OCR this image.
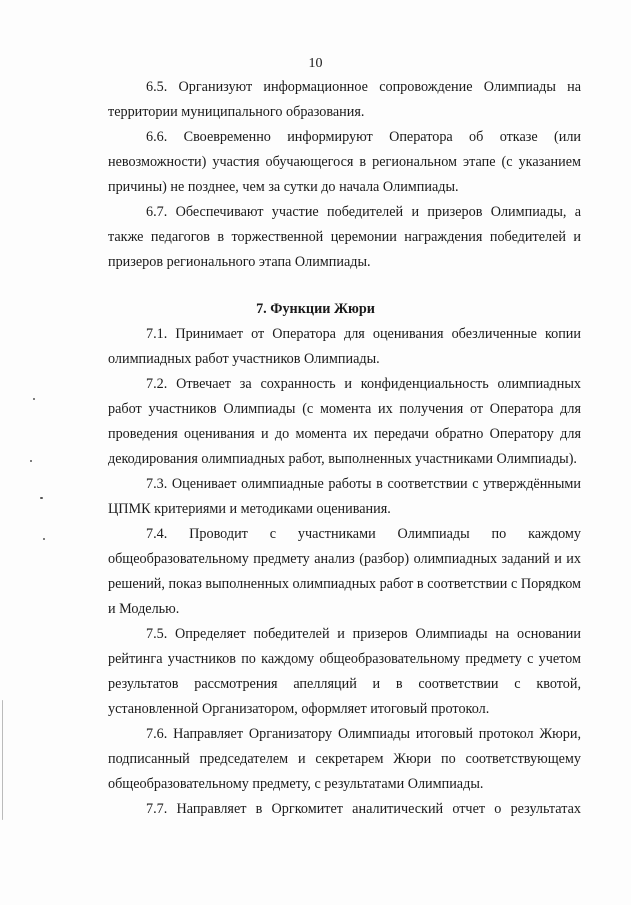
10
6.5. Организуют информационное сопровождение Олимпиады на
территории муниципального образования.
6.6. Своевременно информируют Оператора об отказе (или
невозможности) участия обучающегося в региональном этапе (с указанием
причины) не позднее, чем за сутки до начала Олимпиады.
6.7. Обеспечивают участие победителей и призеров Олимпиады, а
также педагогов в торжественной церемонии награждения победителей и
призеров регионального этапа Олимпиады.
7. Функции Жюри
7.1. Принимает от Оператора для оценивания обезличенные копии
олимпиадных работ участников Олимпиады.
7.2. Отвечает за сохранность и конфиденциальность олимпиадных
работ участников Олимпиады (с момента их получения от Оператора для
проведения оценивания и до момента их передачи обратно Оператору для
декодирования олимпиадных работ, выполненных участниками Олимпиады).
7.3. Оценивает олимпиадные работы в соответствии с утверждёнными
ЦПМК критериями и методиками оценивания.
7.4. Проводит с участниками Олимпиады по каждому
общеобразовательному предмету анализ (разбор) олимпиадных заданий и их
решений, показ выполненных олимпиадных работ в соответствии с Порядком
и Моделью.
7.5. Определяет победителей и призеров Олимпиады на основании
рейтинга участников по каждому общеобразовательному предмету с учетом
результатов рассмотрения апелляций и в соответствии с квотой,
установленной Организатором, оформляет итоговый протокол.
7.6. Направляет Организатору Олимпиады итоговый протокол Жюри,
подписанный председателем и секретарем Жюри по соответствующему
общеобразовательному предмету, с результатами Олимпиады.
7.7. Направляет в Оргкомитет аналитический отчет о результатах
